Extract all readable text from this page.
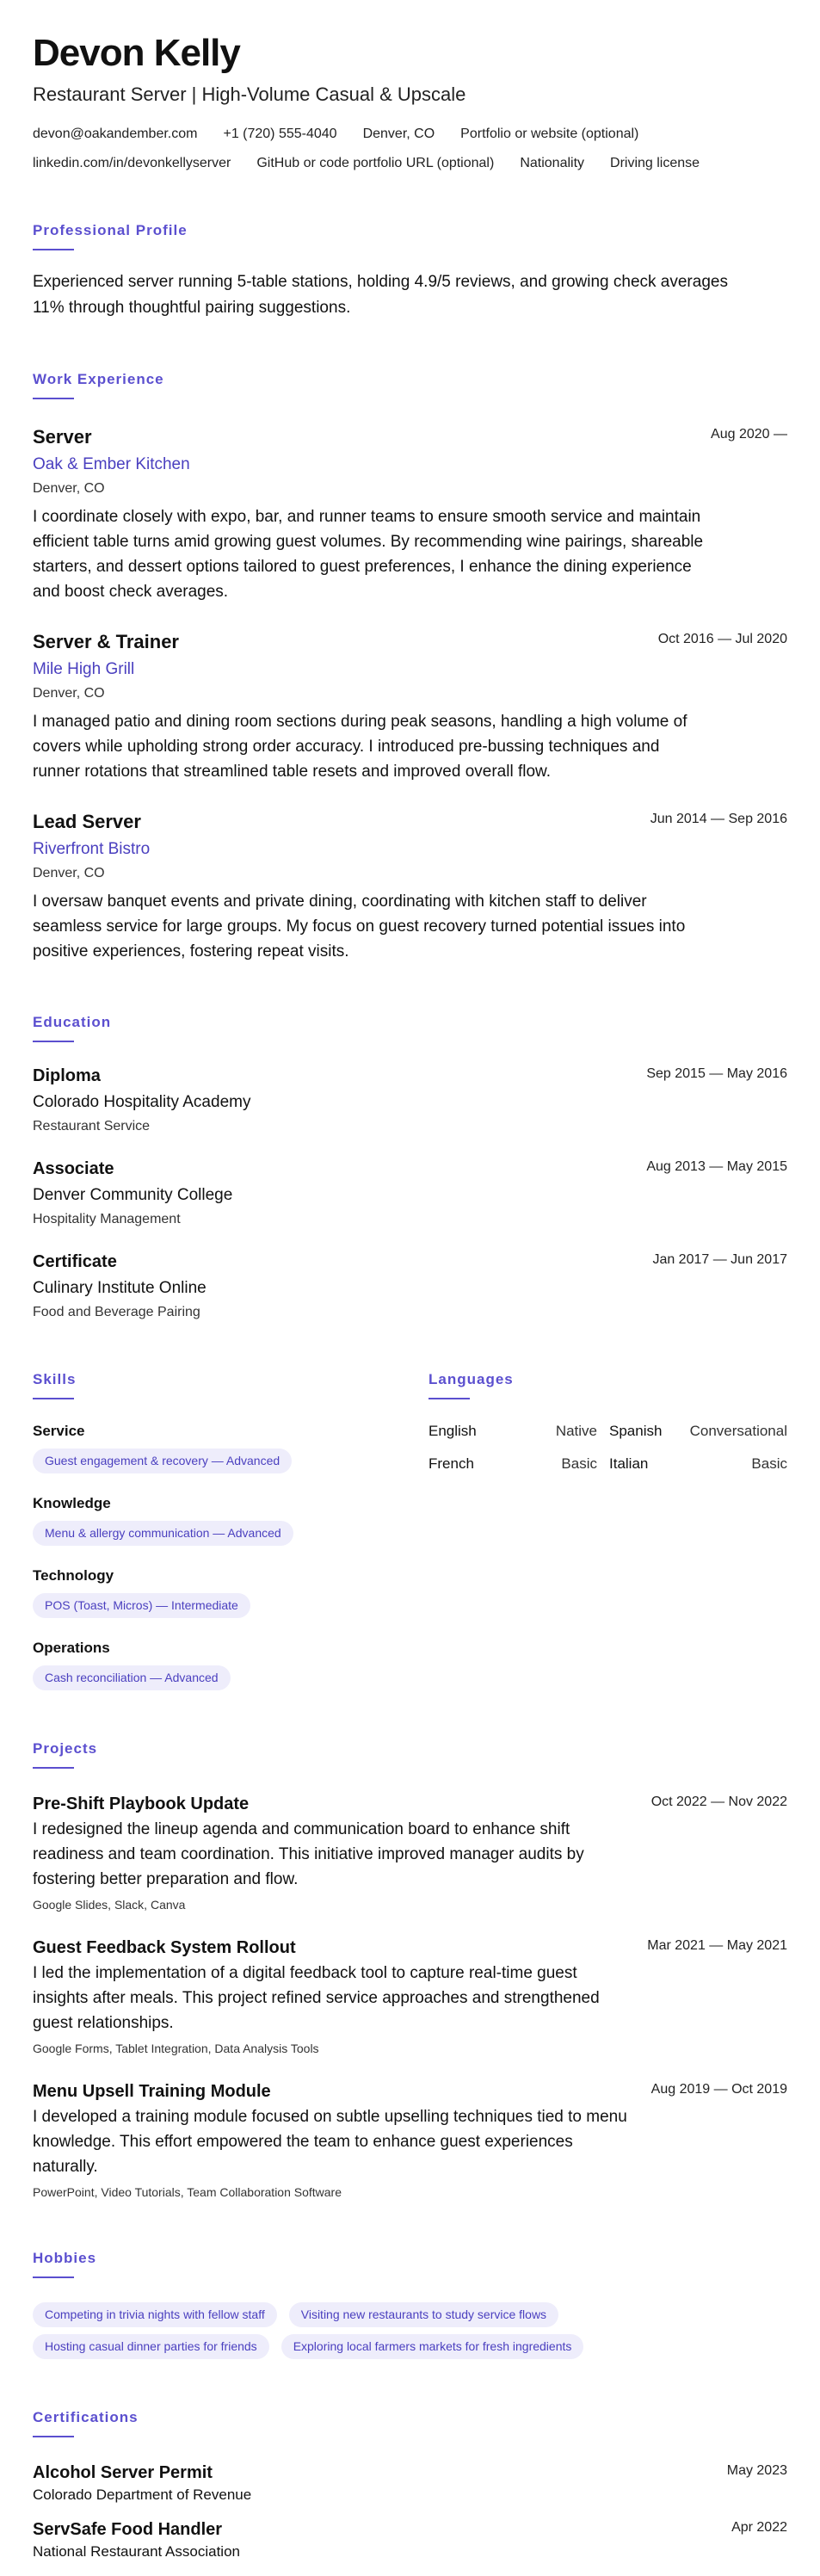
Devon Kelly
Restaurant Server | High-Volume Casual & Upscale
devon@oakandember.com +1 (720) 555-4040 Denver, CO Portfolio or website (optional)
linkedin.com/in/devonkellyserver GitHub or code portfolio URL (optional) Nationality Driving license
Professional Profile
Experienced server running 5-table stations, holding 4.9/5 reviews, and growing check averages 11% through thoughtful pairing suggestions.
Work Experience
Server	Aug 2020 —
Oak & Ember Kitchen
Denver, CO
I coordinate closely with expo, bar, and runner teams to ensure smooth service and maintain efficient table turns amid growing guest volumes. By recommending wine pairings, shareable starters, and dessert options tailored to guest preferences, I enhance the dining experience and boost check averages.
Server & Trainer	Oct 2016 — Jul 2020
Mile High Grill
Denver, CO
I managed patio and dining room sections during peak seasons, handling a high volume of covers while upholding strong order accuracy. I introduced pre-bussing techniques and runner rotations that streamlined table resets and improved overall flow.
Lead Server	Jun 2014 — Sep 2016
Riverfront Bistro
Denver, CO
I oversaw banquet events and private dining, coordinating with kitchen staff to deliver seamless service for large groups. My focus on guest recovery turned potential issues into positive experiences, fostering repeat visits.
Education
Diploma	Sep 2015 — May 2016
Colorado Hospitality Academy
Restaurant Service
Associate	Aug 2013 — May 2015
Denver Community College
Hospitality Management
Certificate	Jan 2017 — Jun 2017
Culinary Institute Online
Food and Beverage Pairing
Skills
Service
Guest engagement & recovery — Advanced
Knowledge
Menu & allergy communication — Advanced
Technology
POS (Toast, Micros) — Intermediate
Operations
Cash reconciliation — Advanced
Languages
English	Native Spanish	Conversational
French	Basic Italian	Basic
Projects
Pre-Shift Playbook Update	Oct 2022 — Nov 2022
I redesigned the lineup agenda and communication board to enhance shift readiness and team coordination. This initiative improved manager audits by fostering better preparation and flow.
Google Slides, Slack, Canva
Guest Feedback System Rollout	Mar 2021 — May 2021
I led the implementation of a digital feedback tool to capture real-time guest insights after meals. This project refined service approaches and strengthened guest relationships.
Google Forms, Tablet Integration, Data Analysis Tools
Menu Upsell Training Module	Aug 2019 — Oct 2019
I developed a training module focused on subtle upselling techniques tied to menu knowledge. This effort empowered the team to enhance guest experiences naturally.
PowerPoint, Video Tutorials, Team Collaboration Software
Hobbies
Competing in trivia nights with fellow staff	Visiting new restaurants to study service flows
Hosting casual dinner parties for friends	Exploring local farmers markets for fresh ingredients
Certifications
Alcohol Server Permit	May 2023
Colorado Department of Revenue
ServSafe Food Handler	Apr 2022
National Restaurant Association
